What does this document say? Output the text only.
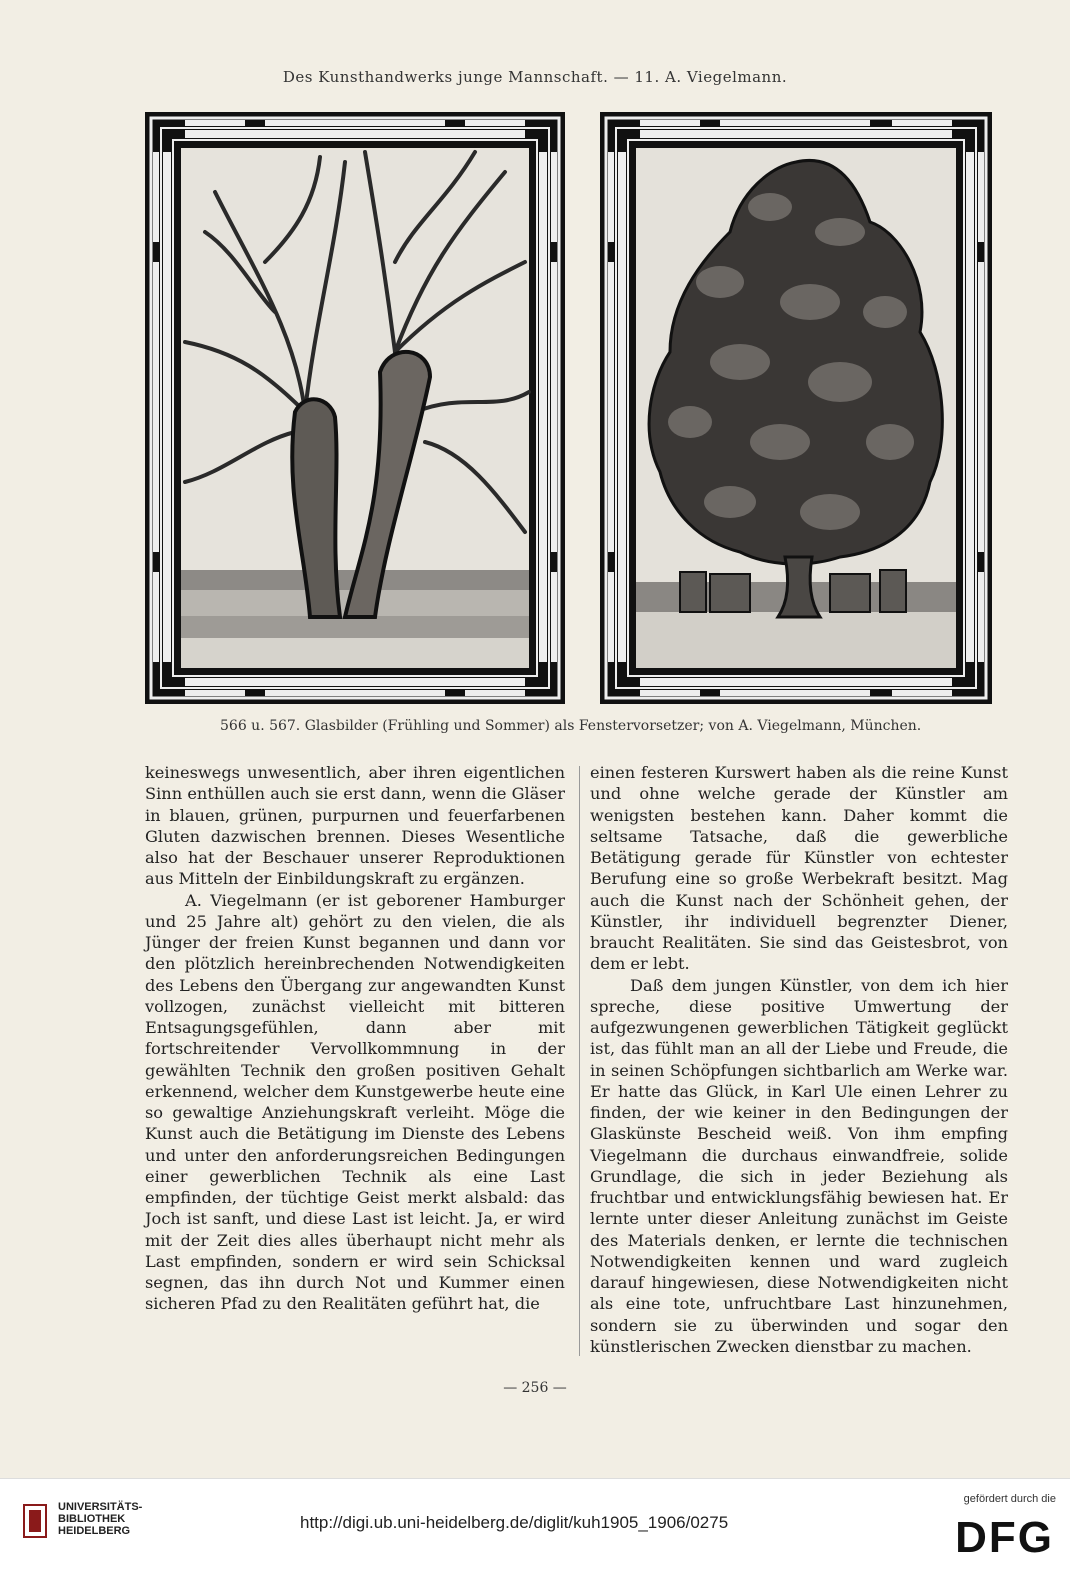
Des Kunsthandwerks junge Mannschaft. — 11. A. Viegelmann.
566 u. 567. Glasbilder (Frühling und Sommer) als Fenstervorsetzer; von A. Viegelmann, München.

keineswegs unwesentlich, aber ihren eigentlichen Sinn enthüllen auch sie erst dann, wenn die Gläser in blauen, grünen, purpurnen und feuerfarbenen Gluten dazwischen brennen. Dieses Wesentliche also hat der Beschauer unserer Reproduktionen aus Mitteln der Einbildungskraft zu ergänzen.

A. Viegelmann (er ist geborener Hamburger und 25 Jahre alt) gehört zu den vielen, die als Jünger der freien Kunst begannen und dann vor den plötzlich hereinbrechenden Notwendigkeiten des Lebens den Übergang zur angewandten Kunst vollzogen, zunächst vielleicht mit bitteren Entsagungsgefühlen, dann aber mit fortschreitender Vervollkommnung in der gewählten Technik den großen positiven Gehalt erkennend, welcher dem Kunstgewerbe heute eine so gewaltige Anziehungskraft verleiht. Möge die Kunst auch die Betätigung im Dienste des Lebens und unter den anforderungsreichen Bedingungen einer gewerblichen Technik als eine Last empfinden, der tüchtige Geist merkt alsbald: das Joch ist sanft, und diese Last ist leicht. Ja, er wird mit der Zeit dies alles überhaupt nicht mehr als Last empfinden, sondern er wird sein Schicksal segnen, das ihn durch Not und Kummer einen sicheren Pfad zu den Realitäten geführt hat, die

einen festeren Kurswert haben als die reine Kunst und ohne welche gerade der Künstler am wenigsten bestehen kann. Daher kommt die seltsame Tatsache, daß die gewerbliche Betätigung gerade für Künstler von echtester Berufung eine so große Werbekraft besitzt. Mag auch die Kunst nach der Schönheit gehen, der Künstler, ihr individuell begrenzter Diener, braucht Realitäten. Sie sind das Geistesbrot, von dem er lebt.

Daß dem jungen Künstler, von dem ich hier spreche, diese positive Umwertung der aufgezwungenen gewerblichen Tätigkeit geglückt ist, das fühlt man an all der Liebe und Freude, die in seinen Schöpfungen sichtbarlich am Werke war. Er hatte das Glück, in Karl Ule einen Lehrer zu finden, der wie keiner in den Bedingungen der Glaskünste Bescheid weiß. Von ihm empfing Viegelmann die durchaus einwandfreie, solide Grundlage, die sich in jeder Beziehung als fruchtbar und entwicklungsfähig bewiesen hat. Er lernte unter dieser Anleitung zunächst im Geiste des Materials denken, er lernte die technischen Notwendigkeiten kennen und ward zugleich darauf hingewiesen, diese Notwendigkeiten nicht als eine tote, unfruchtbare Last hinzunehmen, sondern sie zu überwinden und sogar den künstlerischen Zwecken dienstbar zu machen.

— 256 —
UNIVERSITÄTS-
BIBLIOTHEK
HEIDELBERG	http://digi.ub.uni-heidelberg.de/diglit/kuh1905_1906/0275
gefördert durch die
DFG
